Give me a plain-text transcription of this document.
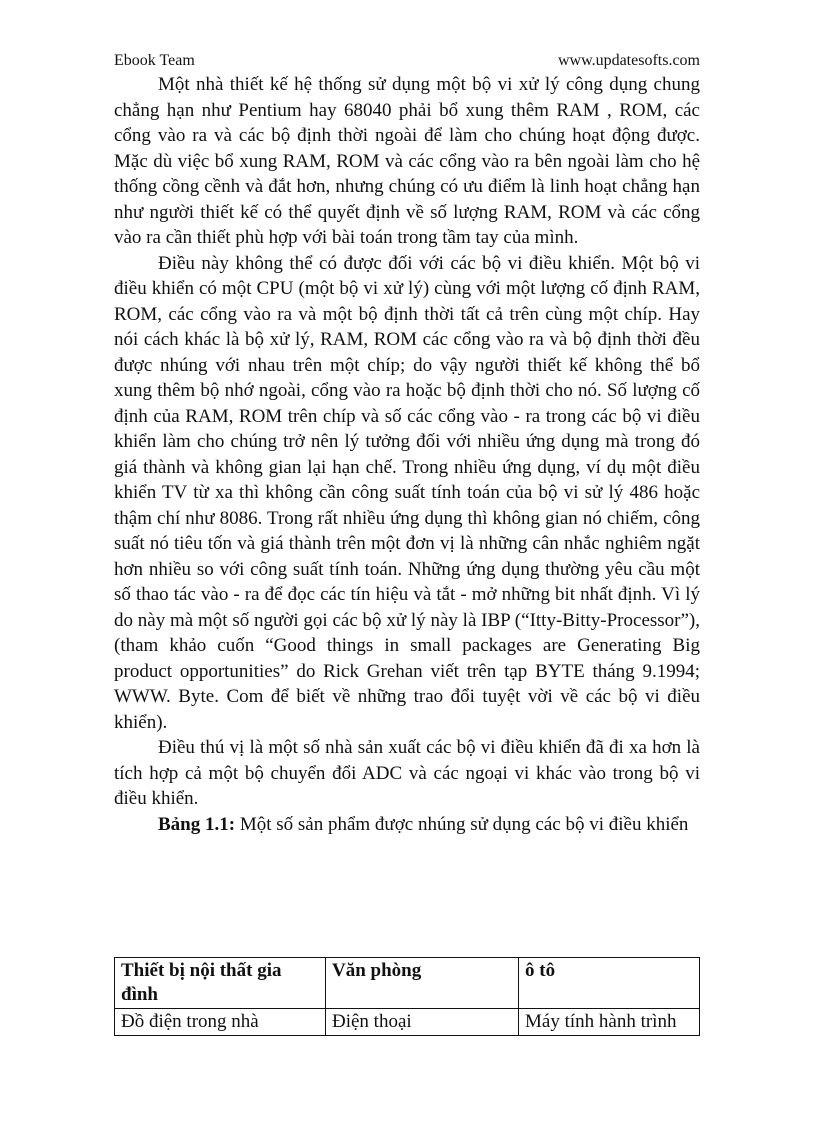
Ebook Team	www.updatesofts.com

Một nhà thiết kế hệ thống sử dụng một bộ vi xử lý công dụng chung chẳng hạn như Pentium hay 68040 phải bổ xung thêm RAM , ROM, các cổng vào ra và các bộ định thời ngoài để làm cho chúng hoạt động được. Mặc dù việc bổ xung RAM, ROM và các cổng vào ra bên ngoài làm cho hệ thống cồng cềnh và đắt hơn, nhưng chúng có ưu điểm là linh hoạt chẳng hạn như người thiết kế có thể quyết định về số lượng RAM, ROM và các cổng vào ra cần thiết phù hợp với bài toán trong tầm tay của mình.

Điều này không thể có được đối với các bộ vi điều khiển. Một bộ vi điều khiển có một CPU (một bộ vi xử lý) cùng với một lượng cố định RAM, ROM, các cổng vào ra và một bộ định thời tất cả trên cùng một chíp. Hay nói cách khác là bộ xử lý, RAM, ROM các cổng vào ra và bộ định thời đều được nhúng với nhau trên một chíp; do vậy người thiết kế không thể bổ xung thêm bộ nhớ ngoài, cổng vào ra hoặc bộ định thời cho nó. Số lượng cố định của RAM, ROM trên chíp và số các cổng vào - ra trong các bộ vi điều khiển làm cho chúng trở nên lý tưởng đối với nhiều ứng dụng mà trong đó giá thành và không gian lại hạn chế. Trong nhiều ứng dụng, ví dụ một điều khiển TV từ xa thì không cần công suất tính toán của bộ vi sử lý 486 hoặc thậm chí như 8086. Trong rất nhiều ứng dụng thì không gian nó chiếm, công suất nó tiêu tốn và giá thành trên một đơn vị là những cân nhắc nghiêm ngặt hơn nhiều so với công suất tính toán. Những ứng dụng thường yêu cầu một số thao tác vào - ra để đọc các tín hiệu và tắt - mở những bit nhất định. Vì lý do này mà một số người gọi các bộ xử lý này là IBP (“Itty-Bitty-Processor”), (tham khảo cuốn “Good things in small packages are Generating Big product opportunities” do Rick Grehan viết trên tạp BYTE tháng 9.1994; WWW. Byte. Com để biết về những trao đổi tuyệt vời về các bộ vi điều khiển).

Điều thú vị là một số nhà sản xuất các bộ vi điều khiển đã đi xa hơn là tích hợp cả một bộ chuyển đổi ADC và các ngoại vi khác vào trong bộ vi điều khiển.

Bảng 1.1: Một số sản phẩm được nhúng sử dụng các bộ vi điều khiển

Thiết bị nội thất gia đình	Văn phòng	ô tô
Đồ điện trong nhà	Điện thoại	Máy tính hành trình
